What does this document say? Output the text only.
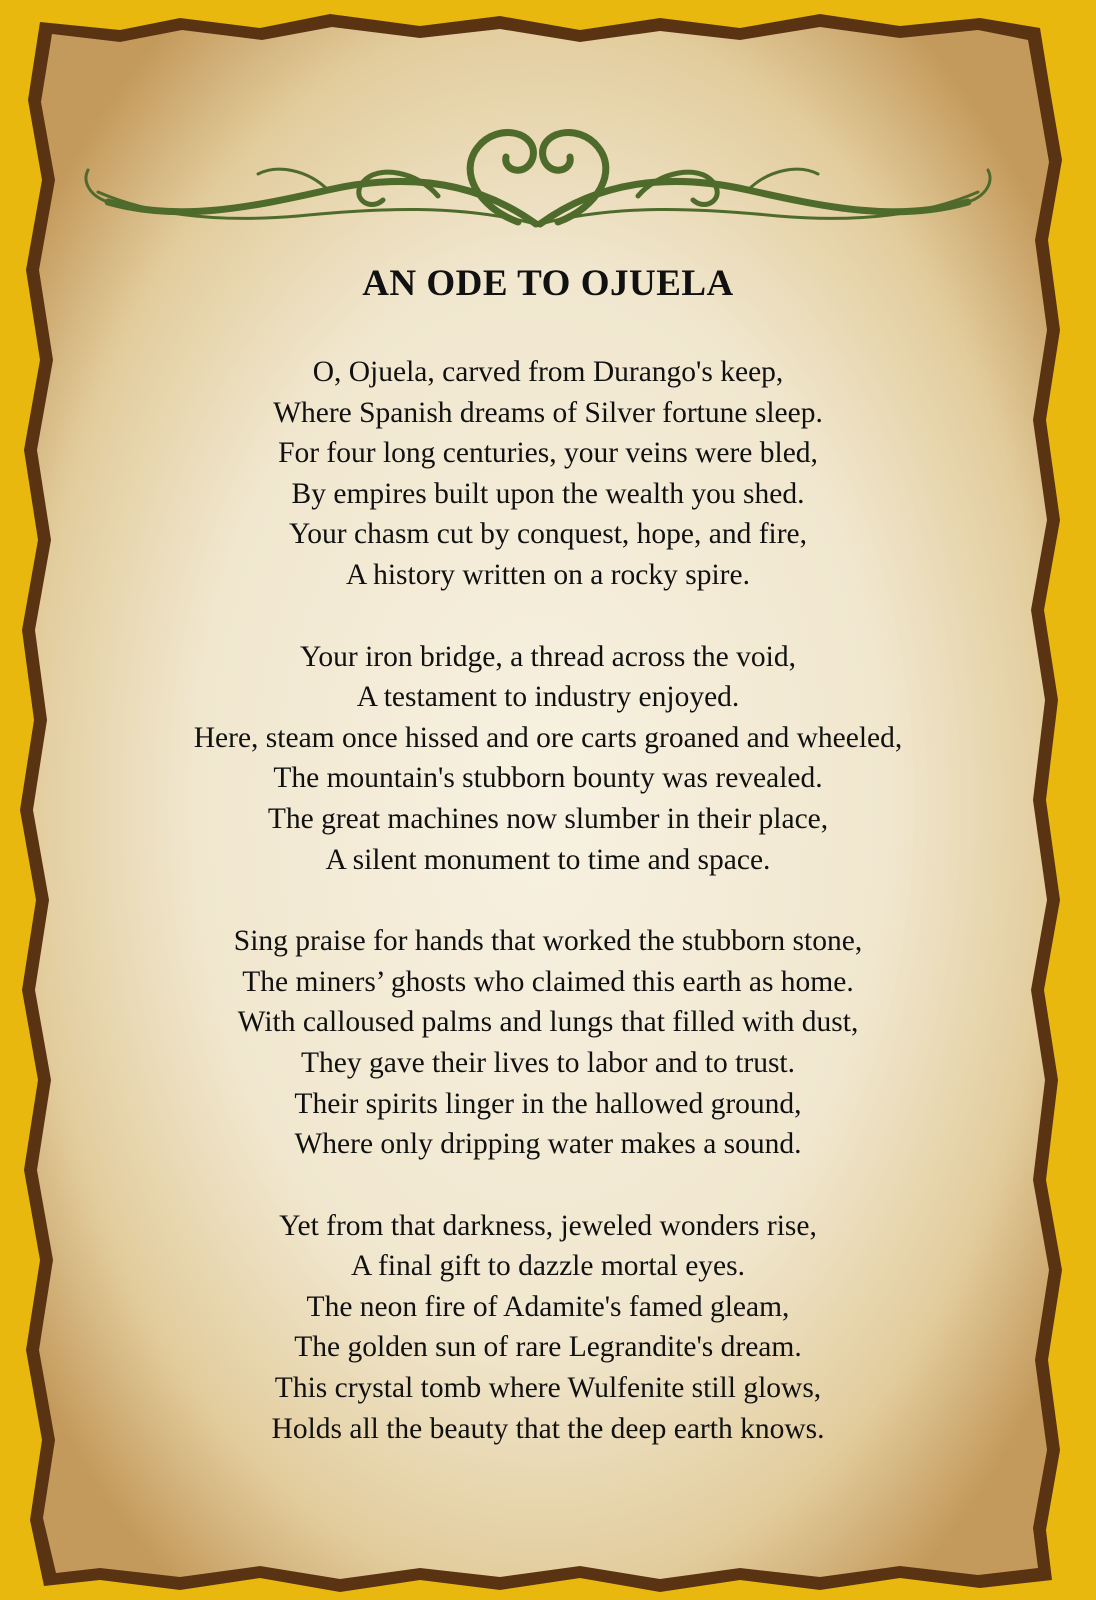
AN ODE TO OJUELA
O, Ojuela, carved from Durango's keep,
Where Spanish dreams of Silver fortune sleep.
For four long centuries, your veins were bled,
By empires built upon the wealth you shed.
Your chasm cut by conquest, hope, and fire,
A history written on a rocky spire.
Your iron bridge, a thread across the void,
A testament to industry enjoyed.
Here, steam once hissed and ore carts groaned and wheeled,
The mountain's stubborn bounty was revealed.
The great machines now slumber in their place,
A silent monument to time and space.
Sing praise for hands that worked the stubborn stone,
The miners’ ghosts who claimed this earth as home.
With calloused palms and lungs that filled with dust,
They gave their lives to labor and to trust.
Their spirits linger in the hallowed ground,
Where only dripping water makes a sound.
Yet from that darkness, jeweled wonders rise,
A final gift to dazzle mortal eyes.
The neon fire of Adamite's famed gleam,
The golden sun of rare Legrandite's dream.
This crystal tomb where Wulfenite still glows,
Holds all the beauty that the deep earth knows.
